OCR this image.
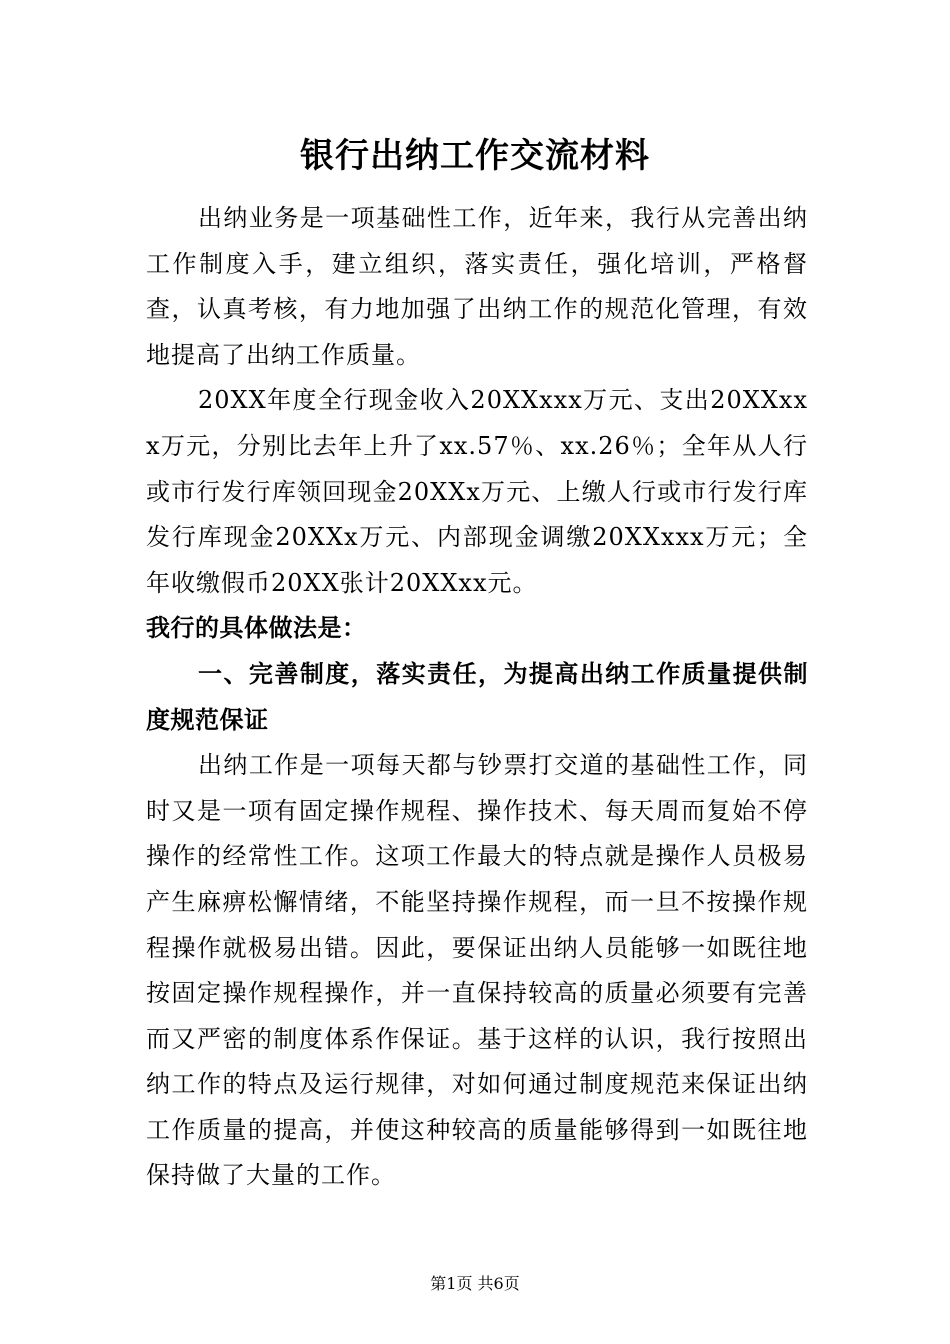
银行出纳工作交流材料

出纳业务是一项基础性工作，近年来，我行从完善出纳工作制度入手，建立组织，落实责任，强化培训，严格督查，认真考核，有力地加强了出纳工作的规范化管理，有效地提高了出纳工作质量。

20XX年度全行现金收入20XXxxx万元、支出20XXxxx万元，分别比去年上升了xx.57％、xx.26％；全年从人行或市行发行库领回现金20XXx万元、上缴人行或市行发行库发行库现金20XXx万元、内部现金调缴20XXxxx万元；全年收缴假币20XX张计20XXxx元。

我行的具体做法是：

一、完善制度，落实责任，为提高出纳工作质量提供制度规范保证

出纳工作是一项每天都与钞票打交道的基础性工作，同时又是一项有固定操作规程、操作技术、每天周而复始不停操作的经常性工作。这项工作最大的特点就是操作人员极易产生麻痹松懈情绪，不能坚持操作规程，而一旦不按操作规程操作就极易出错。因此，要保证出纳人员能够一如既往地按固定操作规程操作，并一直保持较高的质量必须要有完善而又严密的制度体系作保证。基于这样的认识，我行按照出纳工作的特点及运行规律，对如何通过制度规范来保证出纳工作质量的提高，并使这种较高的质量能够得到一如既往地保持做了大量的工作。

第1页 共6页
